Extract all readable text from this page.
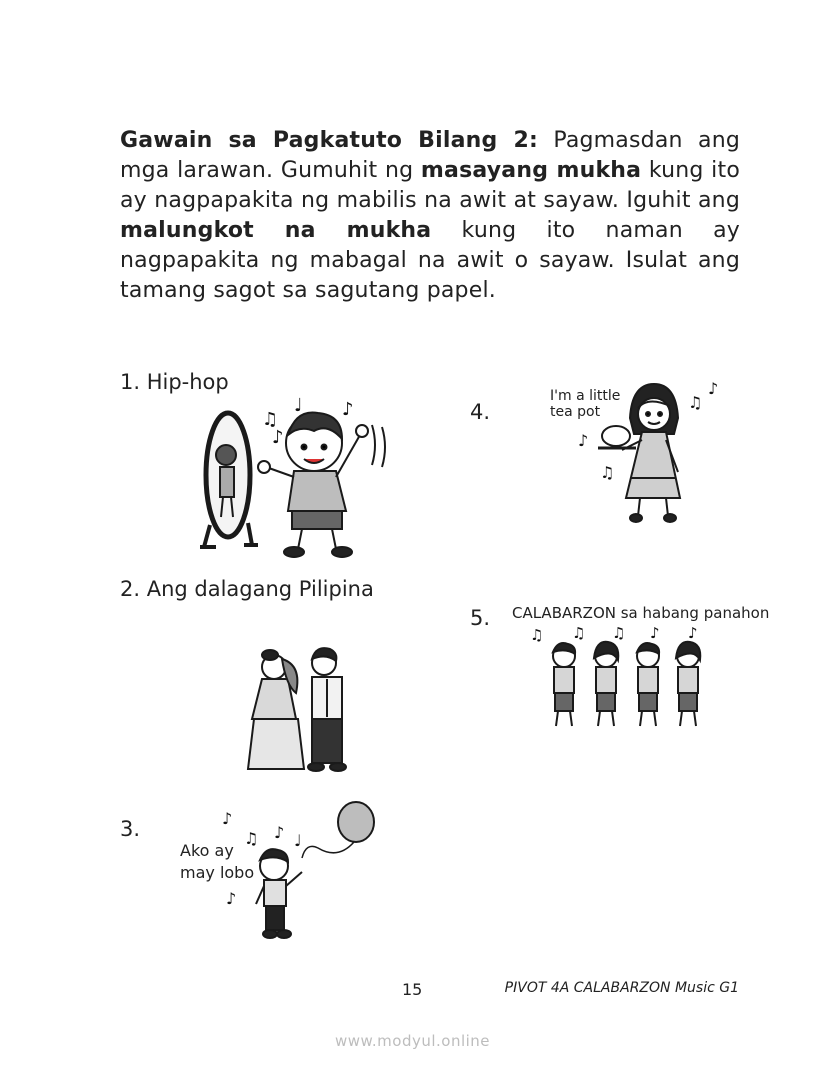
Gawain sa Pagkatuto Bilang 2: Pagmasdan ang mga larawan. Gumuhit ng masayang mukha kung ito ay nagpapakita ng mabilis na awit at sayaw. Iguhit ang malungkot na mukha kung ito naman ay nagpapakita ng mabagal na awit o sayaw. Isulat ang tamang sagot sa sagutang papel.

1. Hip-hop
♫
♩ ♪
♪
2. Ang dalagang Pilipina
3.
Ako ay
may lobo
♪
♫ ♪ ♩
♪
4.
I'm a little
tea pot	♫
♪
♪
♫
5. CALABARZON sa habang panahon
♫ ♫ ♫ ♪ ♪
15	PIVOT 4A CALABARZON Music G1
www.modyul.online
